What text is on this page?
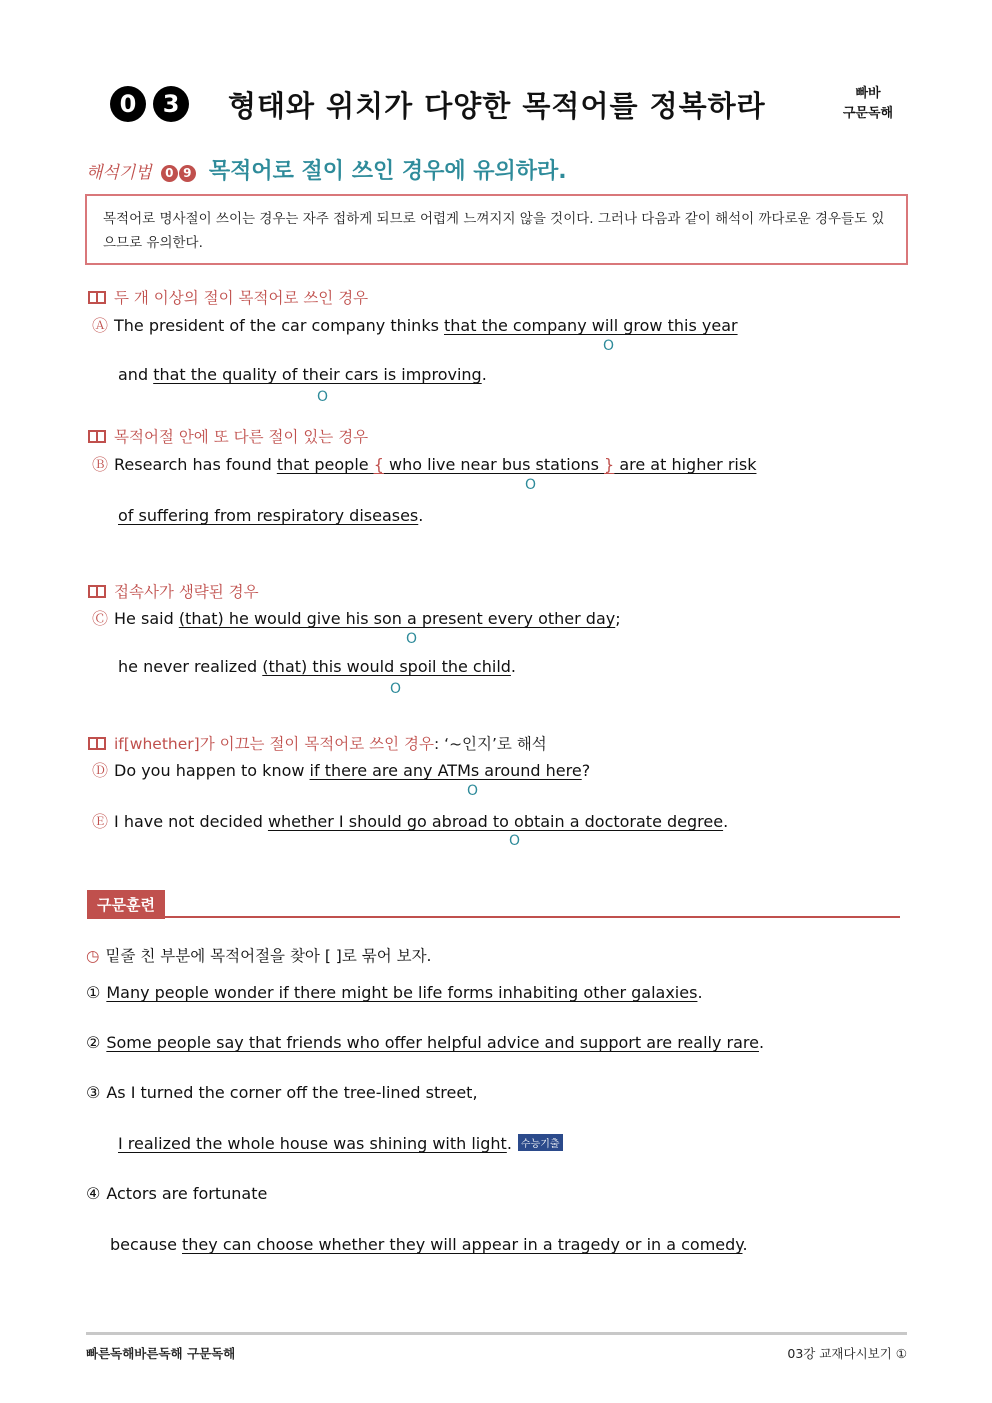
0 3	형태와 위치가 다양한 목적어를 정복하라	빠바
구문독해
해석기법 0 9 목적어로 절이 쓰인 경우에 유의하라.
목적어로 명사절이 쓰이는 경우는 자주 접하게 되므로 어렵게 느껴지지 않을 것이다. 그러나 다음과 같이 해석이 까다로운 경우들도 있으므로 유의한다.
두 개 이상의 절이 목적어로 쓰인 경우
Ⓐ The president of the car company thinks that the company will grow this year
O
and that the quality of their cars is improving.
O
목적어절 안에 또 다른 절이 있는 경우
Ⓑ Research has found that people { who live near bus stations } are at higher risk
O
of suffering from respiratory diseases.
접속사가 생략된 경우
Ⓒ He said (that) he would give his son a present every other day;
O
he never realized (that) this would spoil the child.
O
if[whether]가 이끄는 절이 목적어로 쓰인 경우: ‘~인지’로 해석
Ⓓ Do you happen to know if there are any ATMs around here?
O
Ⓔ I have not decided whether I should go abroad to obtain a doctorate degree.
O
구문훈련
◷ 밑줄 친 부분에 목적어절을 찾아 [ ]로 묶어 보자.
① Many people wonder if there might be life forms inhabiting other galaxies.
② Some people say that friends who offer helpful advice and support are really rare.
③ As I turned the corner off the tree-lined street,
I realized the whole house was shining with light. 수능기출
④ Actors are fortunate
because they can choose whether they will appear in a tragedy or in a comedy.
빠른독해바른독해 구문독해	03강 교재다시보기 ①
